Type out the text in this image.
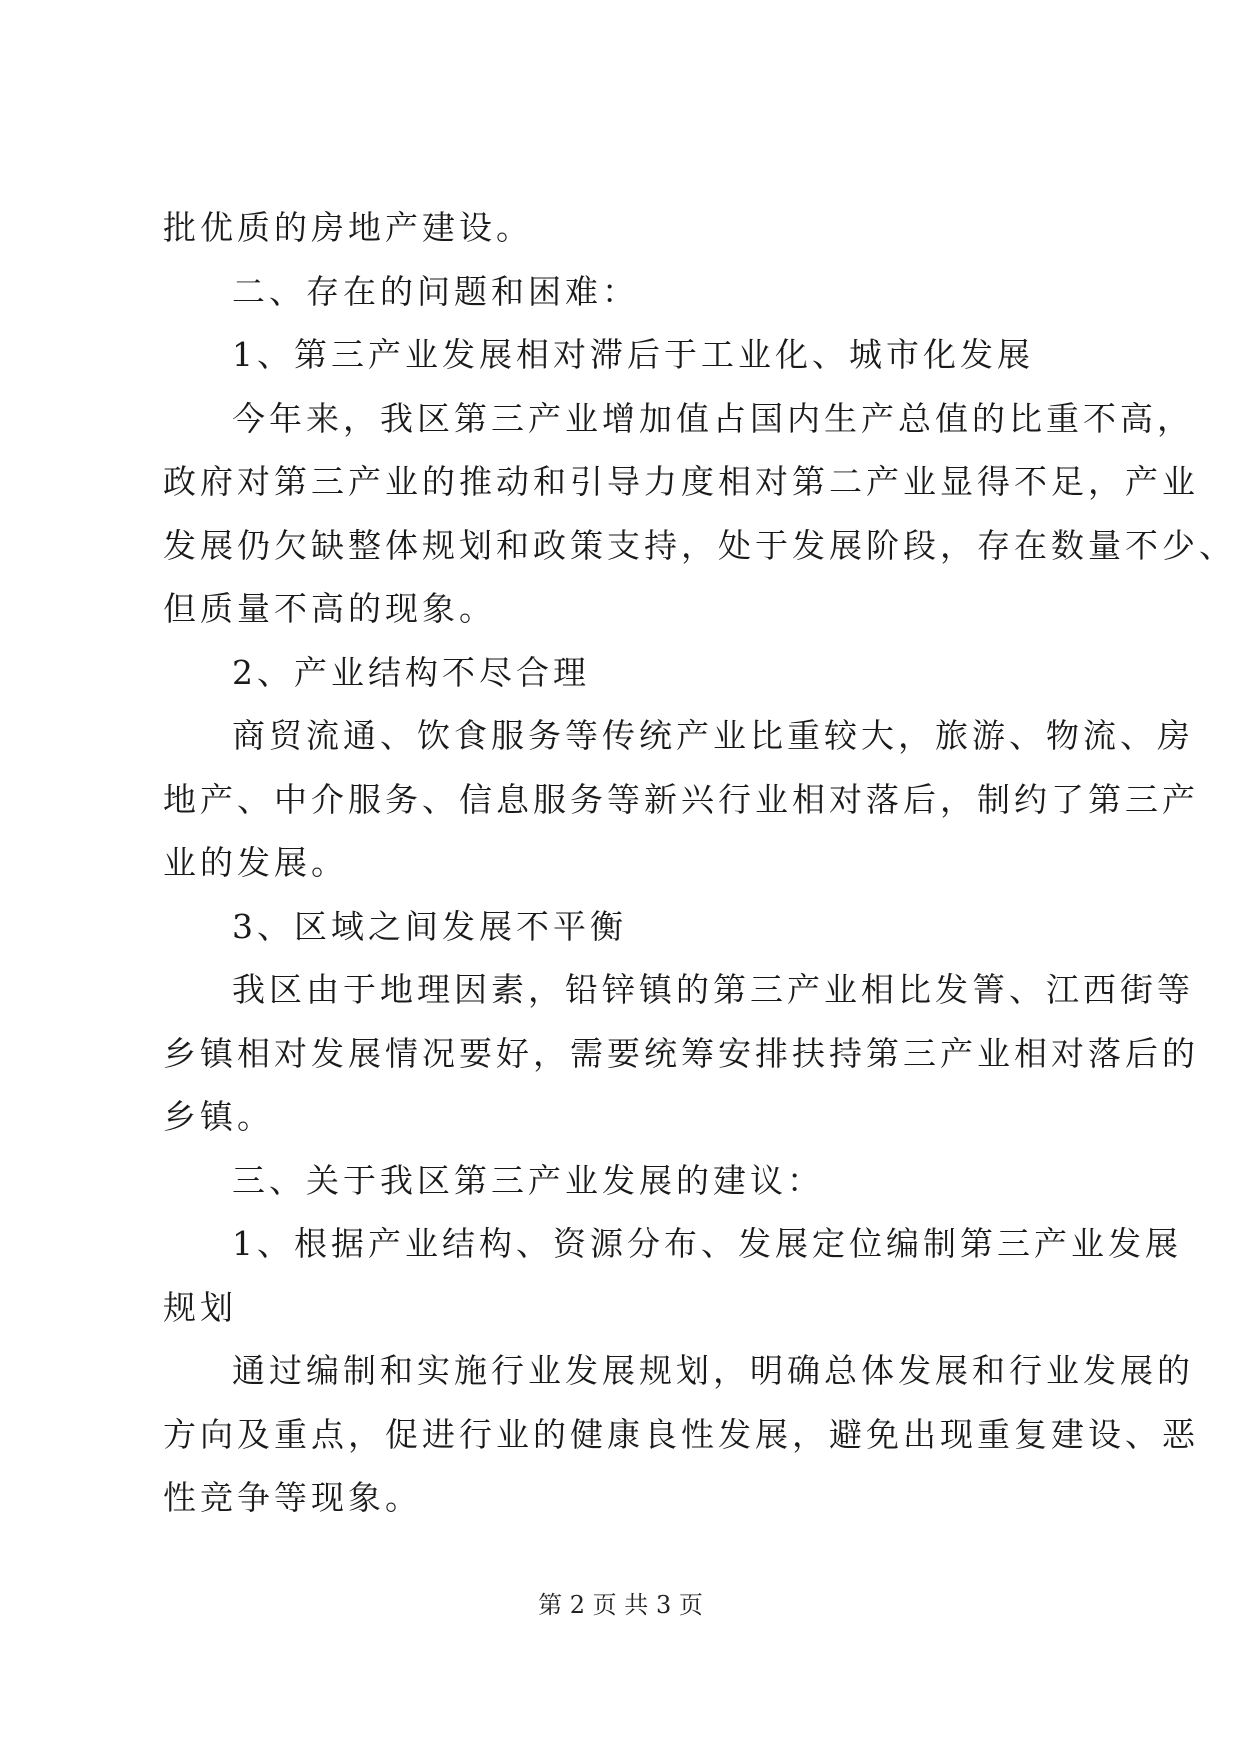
批优质的房地产建设。
二、存在的问题和困难：
1、第三产业发展相对滞后于工业化、城市化发展
今年来，我区第三产业增加值占国内生产总值的比重不高，
政府对第三产业的推动和引导力度相对第二产业显得不足，产业
发展仍欠缺整体规划和政策支持，处于发展阶段，存在数量不少、
但质量不高的现象。
2、产业结构不尽合理
商贸流通、饮食服务等传统产业比重较大，旅游、物流、房
地产、中介服务、信息服务等新兴行业相对落后，制约了第三产
业的发展。
3、区域之间发展不平衡
我区由于地理因素，铅锌镇的第三产业相比发箐、江西街等
乡镇相对发展情况要好，需要统筹安排扶持第三产业相对落后的
乡镇。
三、关于我区第三产业发展的建议：
1、根据产业结构、资源分布、发展定位编制第三产业发展
规划
通过编制和实施行业发展规划，明确总体发展和行业发展的
方向及重点，促进行业的健康良性发展，避免出现重复建设、恶
性竞争等现象。
第 2 页 共 3 页
